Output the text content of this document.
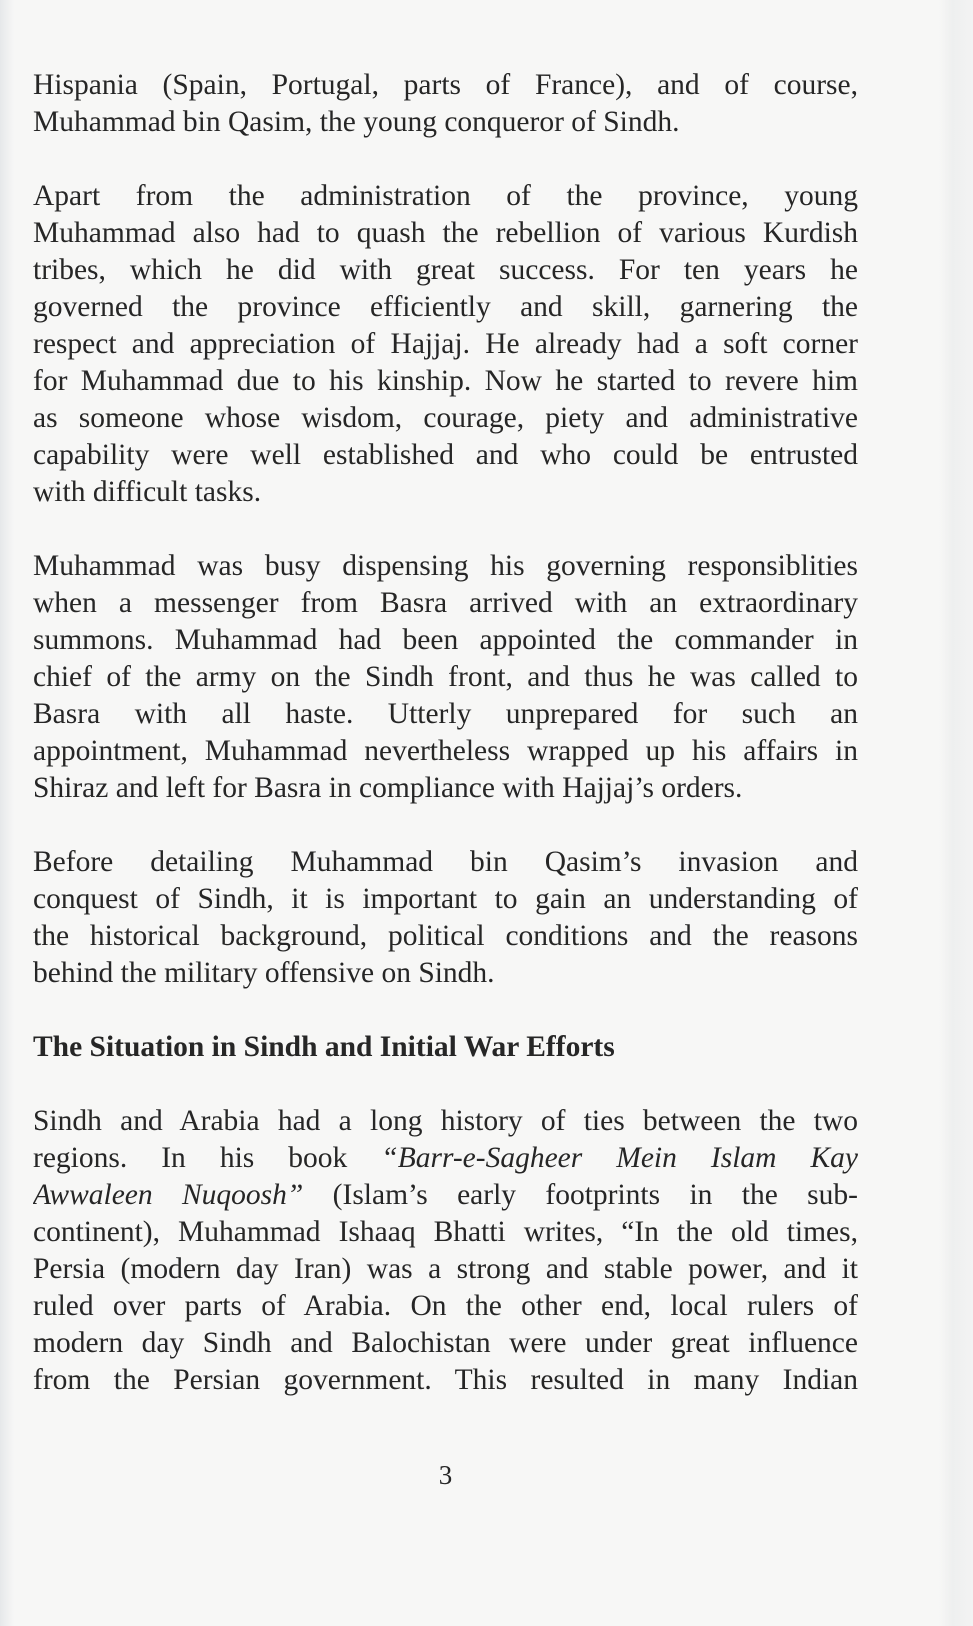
Hispania (Spain, Portugal, parts of France), and of course,
Muhammad bin Qasim, the young conqueror of Sindh.
Apart from the administration of the province, young
Muhammad also had to quash the rebellion of various Kurdish
tribes, which he did with great success. For ten years he
governed the province efficiently and skill, garnering the
respect and appreciation of Hajjaj. He already had a soft corner
for Muhammad due to his kinship. Now he started to revere him
as someone whose wisdom, courage, piety and administrative
capability were well established and who could be entrusted
with difficult tasks.
Muhammad was busy dispensing his governing responsiblities
when a messenger from Basra arrived with an extraordinary
summons. Muhammad had been appointed the commander in
chief of the army on the Sindh front, and thus he was called to
Basra with all haste. Utterly unprepared for such an
appointment, Muhammad nevertheless wrapped up his affairs in
Shiraz and left for Basra in compliance with Hajjaj’s orders.
Before detailing Muhammad bin Qasim’s invasion and
conquest of Sindh, it is important to gain an understanding of
the historical background, political conditions and the reasons
behind the military offensive on Sindh.
The Situation in Sindh and Initial War Efforts
Sindh and Arabia had a long history of ties between the two
regions. In his book “Barr-e-Sagheer Mein Islam Kay
Awwaleen Nuqoosh” (Islam’s early footprints in the sub-
continent), Muhammad Ishaaq Bhatti writes, “In the old times,
Persia (modern day Iran) was a strong and stable power, and it
ruled over parts of Arabia. On the other end, local rulers of
modern day Sindh and Balochistan were under great influence
from the Persian government. This resulted in many Indian
3
